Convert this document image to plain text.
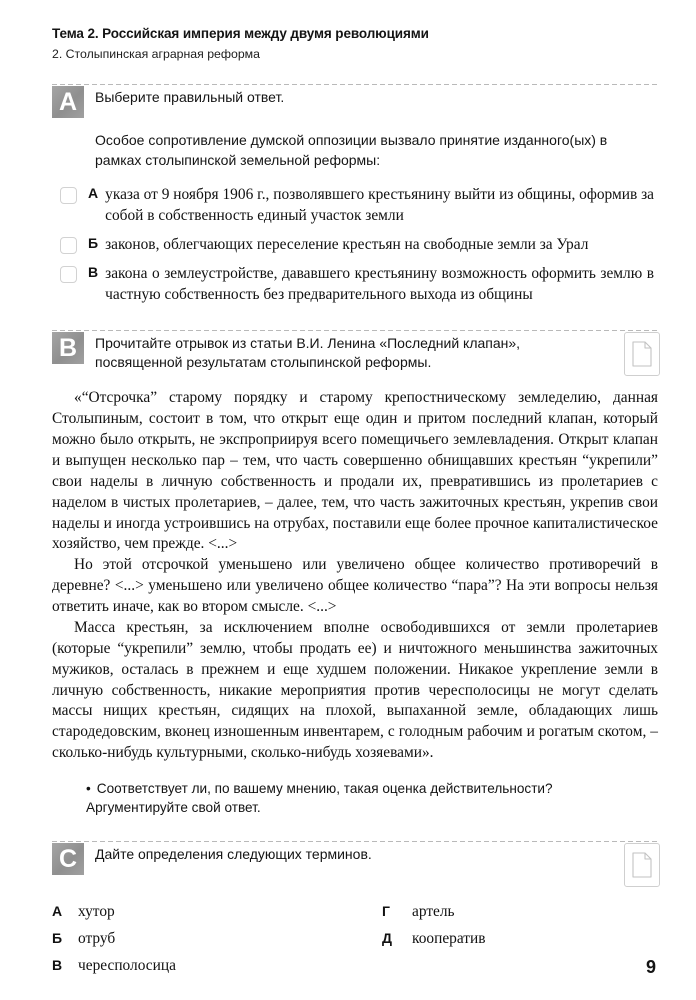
Тема 2. Российская империя между двумя революциями

2. Столыпинская аграрная реформа

A	Выберите правильный ответ.
Особое сопротивление думской оппозиции вызвало принятие изданного(ых) в рамках столыпинской земельной реформы:
А указа от 9 ноября 1906 г., позволявшего крестьянину выйти из общины, оформив за собой в собственность единый участок земли
Б законов, облегчающих переселение крестьян на свободные земли за Урал
В закона о землеустройстве, дававшего крестьянину возможность оформить землю в частную собственность без предварительного выхода из общины
B	Прочитайте отрывок из статьи В.И. Ленина «Последний клапан», посвященной результатам столыпинской реформы.

«“Отсрочка” старому порядку и старому крепостническому земледелию, данная Столыпиным, состоит в том, что открыт еще один и притом последний клапан, который можно было открыть, не экспроприируя всего помещичьего землевладения. Открыт клапан и выпущен несколько пар – тем, что часть совершенно обнищавших крестьян “укрепили” свои наделы в личную собственность и продали их, превратившись из пролетариев с наделом в чистых пролетариев, – далее, тем, что часть зажиточных крестьян, укрепив свои наделы и иногда устроившись на отрубах, поставили еще более прочное капиталистическое хозяйство, чем прежде. <...>

Но этой отсрочкой уменьшено или увеличено общее количество противоречий в деревне? <...> уменьшено или увеличено общее количество “пара”? На эти вопросы нельзя ответить иначе, как во втором смысле. <...>

Масса крестьян, за исключением вполне освободившихся от земли пролетариев (которые “укрепили” землю, чтобы продать ее) и ничтожного меньшинства зажиточных мужиков, осталась в прежнем и еще худшем положении. Никакое укрепление земли в личную собственность, никакие мероприятия против чересполосицы не могут сделать массы нищих крестьян, сидящих на плохой, выпаханной земле, обладающих лишь стародедовским, вконец изношенным инвентарем, с голодным рабочим и рогатым скотом, – сколько-нибудь культурными, сколько-нибудь хозяевами».

• Соответствует ли, по вашему мнению, такая оценка действительности? Аргументируйте свой ответ.
C	Дайте определения следующих терминов.
А	хутор
Б	отруб
В	чересполосица
Г	артель
Д	кооператив
9
